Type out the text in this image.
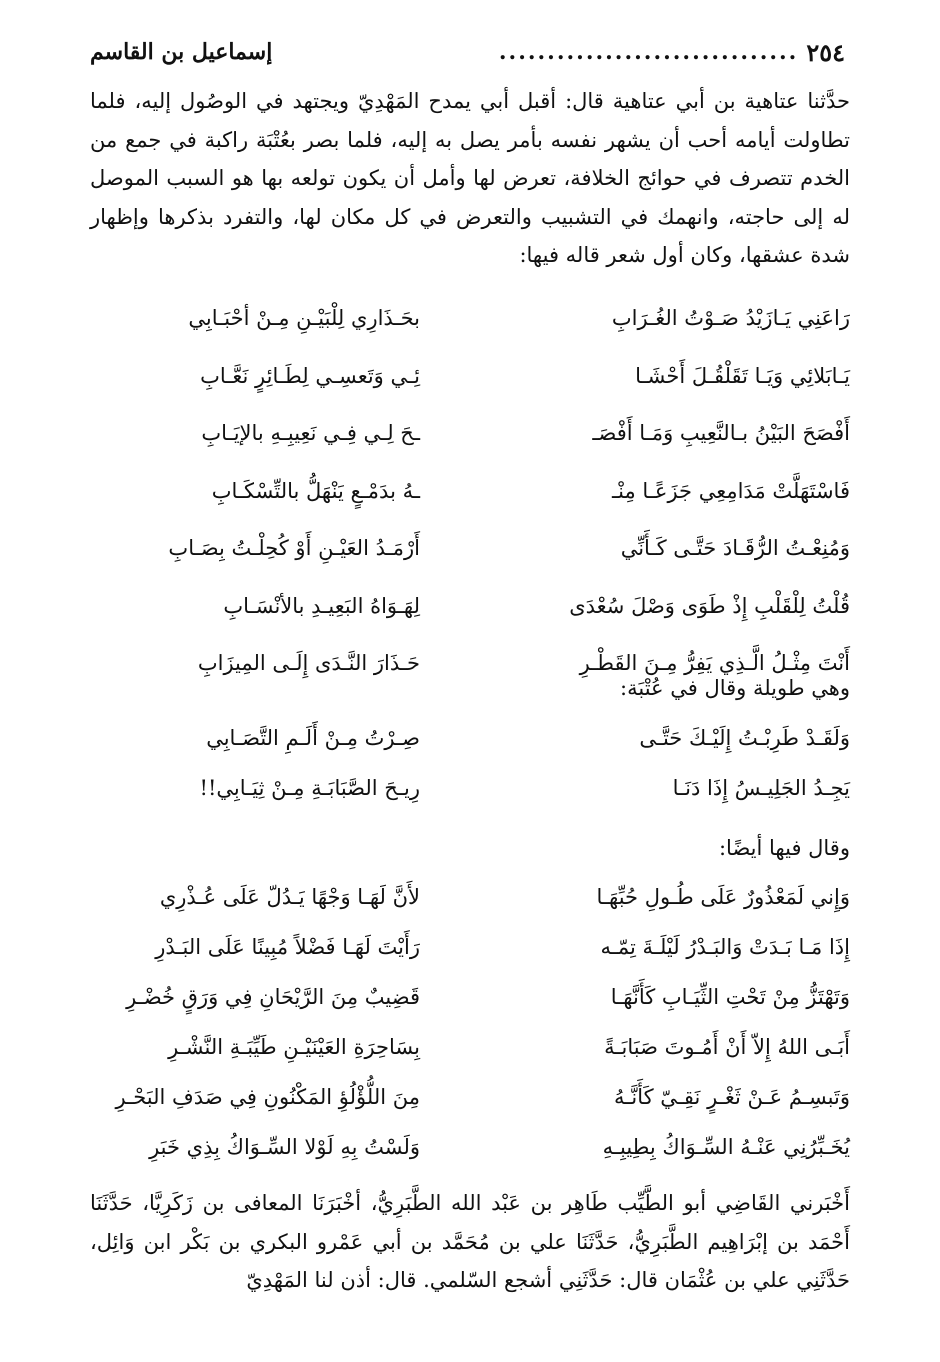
٢٥٤
...............................
إسماعيل بن القاسم

حدَّثنا عتاهية بن أبي عتاهية قال: أقبل أبي يمدح المَهْدِيّ ويجتهد في الوصُول إليه، فلما تطاولت أيامه أحب أن يشهر نفسه بأمر يصل به إليه، فلما بصر بعُتْبَة راكبة في جمع من الخدم تتصرف في حوائج الخلافة، تعرض لها وأمل أن يكون تولعه بها هو السبب الموصل له إلى حاجته، وانهمك في التشبيب والتعرض في كل مكان لها، والتفرد بذكرها وإظهار شدة عشقها، وكان أول شعر قاله فيها:

رَاعَنِي يَـازَيْدُ صَـوْتُ الغُـرَابِ
بحَـذَارِي لِلْبَيْـنِ مِـنْ أحْبَـابِي
يَـابَلائِي وَيَـا تَقَلْقُـلَ أَحْشَـا
ئِـي وَتَعسِـي لِطَـائِرٍ نَعَّـابِ
أَفْصَحَ البَيْنُ بـالنَّعِيبِ وَمَـا أَفْصَـ
ـحَ لِـي فِـي نَعِيبِـهِ بالإيَـابِ
فَاسْتَهَلَّتْ مَدَامِعِي جَزَعًـا مِنْـ
ـهُ بدَمْـعٍ يَنْهَلُّ بالتِّسْكَـابِ
وَمُنِعْـتُ الرُّقَـادَ حَتَّـى كَـأَنِّي
أَرْمَـدُ العَيْـنِ أَوْ كُحِلْـتُ بِصَـابِ
قُلْتُ لِلْقَلْبِ إِذْ طَوَى وَصْلَ سُعْدَى
لِهَـوَاهُ البَعِيـدِ بالأنْسَـابِ
أَنْتَ مِثْـلُ الَّـذِي يَفِرُّ مِـنَ القَطْـرِ
حَـذَارَ النَّـدَى إِلَـى المِيزَابِ
وهي طويلة وقال في عُتْبَة:
وَلَقَـدْ طَرِبْـتُ إِلَيْـكَ حَتَّـى
صِـرْتُ مِـنْ أَلَـمِ التَّصَـابِي
يَجِـدُ الجَلِيـسُ إِذَا دَنَـا
رِيـحَ الصَّبَابَـةِ مِـنْ ثِيَـابِي!!
وقال فيها أيضًا:
وَإِني لَمَعْذُورٌ عَلَى طُـولِ حُبِّهَـا
لأَنَّ لَهَـا وَجْهًا يَـدُلّ عَلَى عُـذْرِي
إِذَا مَـا بَـدَتْ وَالبَـدْرُ لَيْلَـةَ تِمّـه
رَأَيْتَ لَهَـا فَضْلاً مُبِينًا عَلَى البَـدْرِ
وَتَهْتَزُّ مِنْ تَحْتِ الثِّيَـابِ كَأَنَّهَـا
قَضِيبٌ مِنَ الرَّيْحَانِ فِي وَرَقٍ خُضْـرِ
أَبَـى اللهُ إِلاّ أَنْ أَمُـوتَ صَبَابَـةً
بِسَاحِرَةِ العَيْنَيْـنِ طَيِّبَـةِ النَّشْـرِ
وَتَبسِـمُ عَـنْ ثَغْـرٍ نَقِـيّ كَأَنَّـهُ
مِنَ اللُّؤْلُؤِ المَكْنُونِ فِي صَدَفِ البَحْـرِ
يُخَـبِّرُنِي عَنْـهُ السِّـوَاكُ بِطِيبِـهِ
وَلَسْتُ بِهِ لَوْلا السِّـوَاكُ بِذِي خَبَرِ

أَخْبَرني القَاضِي أبو الطَّيِّب طَاهِر بن عَبْد الله الطَّبَرِيُّ، أخْبَرَنَا المعافى بن زَكَرِيَّا، حَدَّثَنَا أَحْمَد بن إبْرَاهِيم الطَّبَرِيُّ، حَدَّثَنَا علي بن مُحَمَّد بن أبي عَمْرو البكري بن بَكْر ابن وَائِل، حَدَّثَنِي علي بن عُثْمَان قال: حَدَّثَنِي أشجع السّلمي. قال: أذن لنا المَهْدِيّ
